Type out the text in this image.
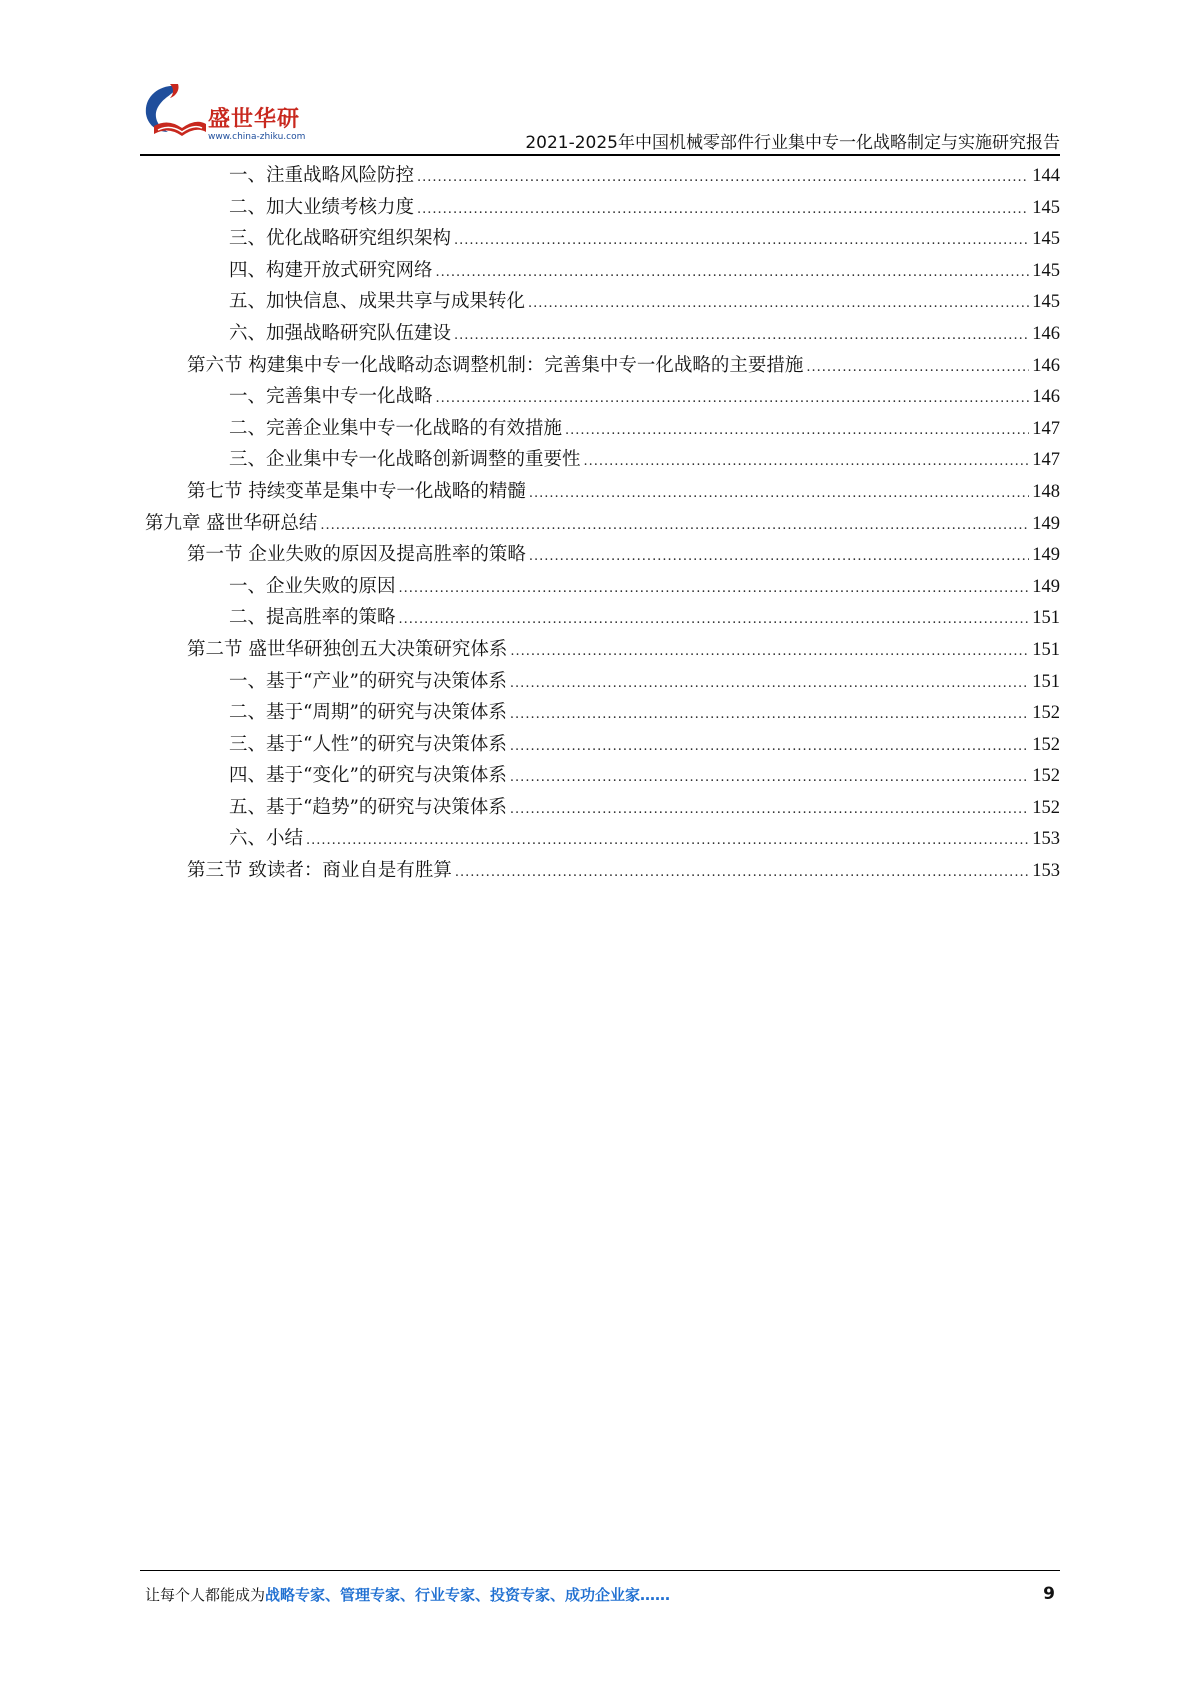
盛世华研
www.china-zhiku.com	2021-2025年中国机械零部件行业集中专一化战略制定与实施研究报告
一、注重战略风险防控 .....	144
二、加大业绩考核力度 .....	145
三、优化战略研究组织架构 .....	145
四、构建开放式研究网络 .....	145
五、加快信息、成果共享与成果转化 .....	145
六、加强战略研究队伍建设 .....	146
第六节 构建集中专一化战略动态调整机制：完善集中专一化战略的主要措施 .....	146
一、完善集中专一化战略 .....	146
二、完善企业集中专一化战略的有效措施 .....	147
三、企业集中专一化战略创新调整的重要性 .....	147
第七节 持续变革是集中专一化战略的精髓 .....	148
第九章 盛世华研总结 .....	149
第一节 企业失败的原因及提高胜率的策略 .....	149
一、企业失败的原因 .....	149
二、提高胜率的策略 .....	151
第二节 盛世华研独创五大决策研究体系 .....	151
一、基于“产业”的研究与决策体系 .....	151
二、基于“周期”的研究与决策体系 .....	152
三、基于“人性”的研究与决策体系 .....	152
四、基于“变化”的研究与决策体系 .....	152
五、基于“趋势”的研究与决策体系 .....	152
六、小结 .....	153
第三节 致读者：商业自是有胜算 .....	153
让每个人都能成为战略专家、管理专家、行业专家、投资专家、成功企业家……	9
